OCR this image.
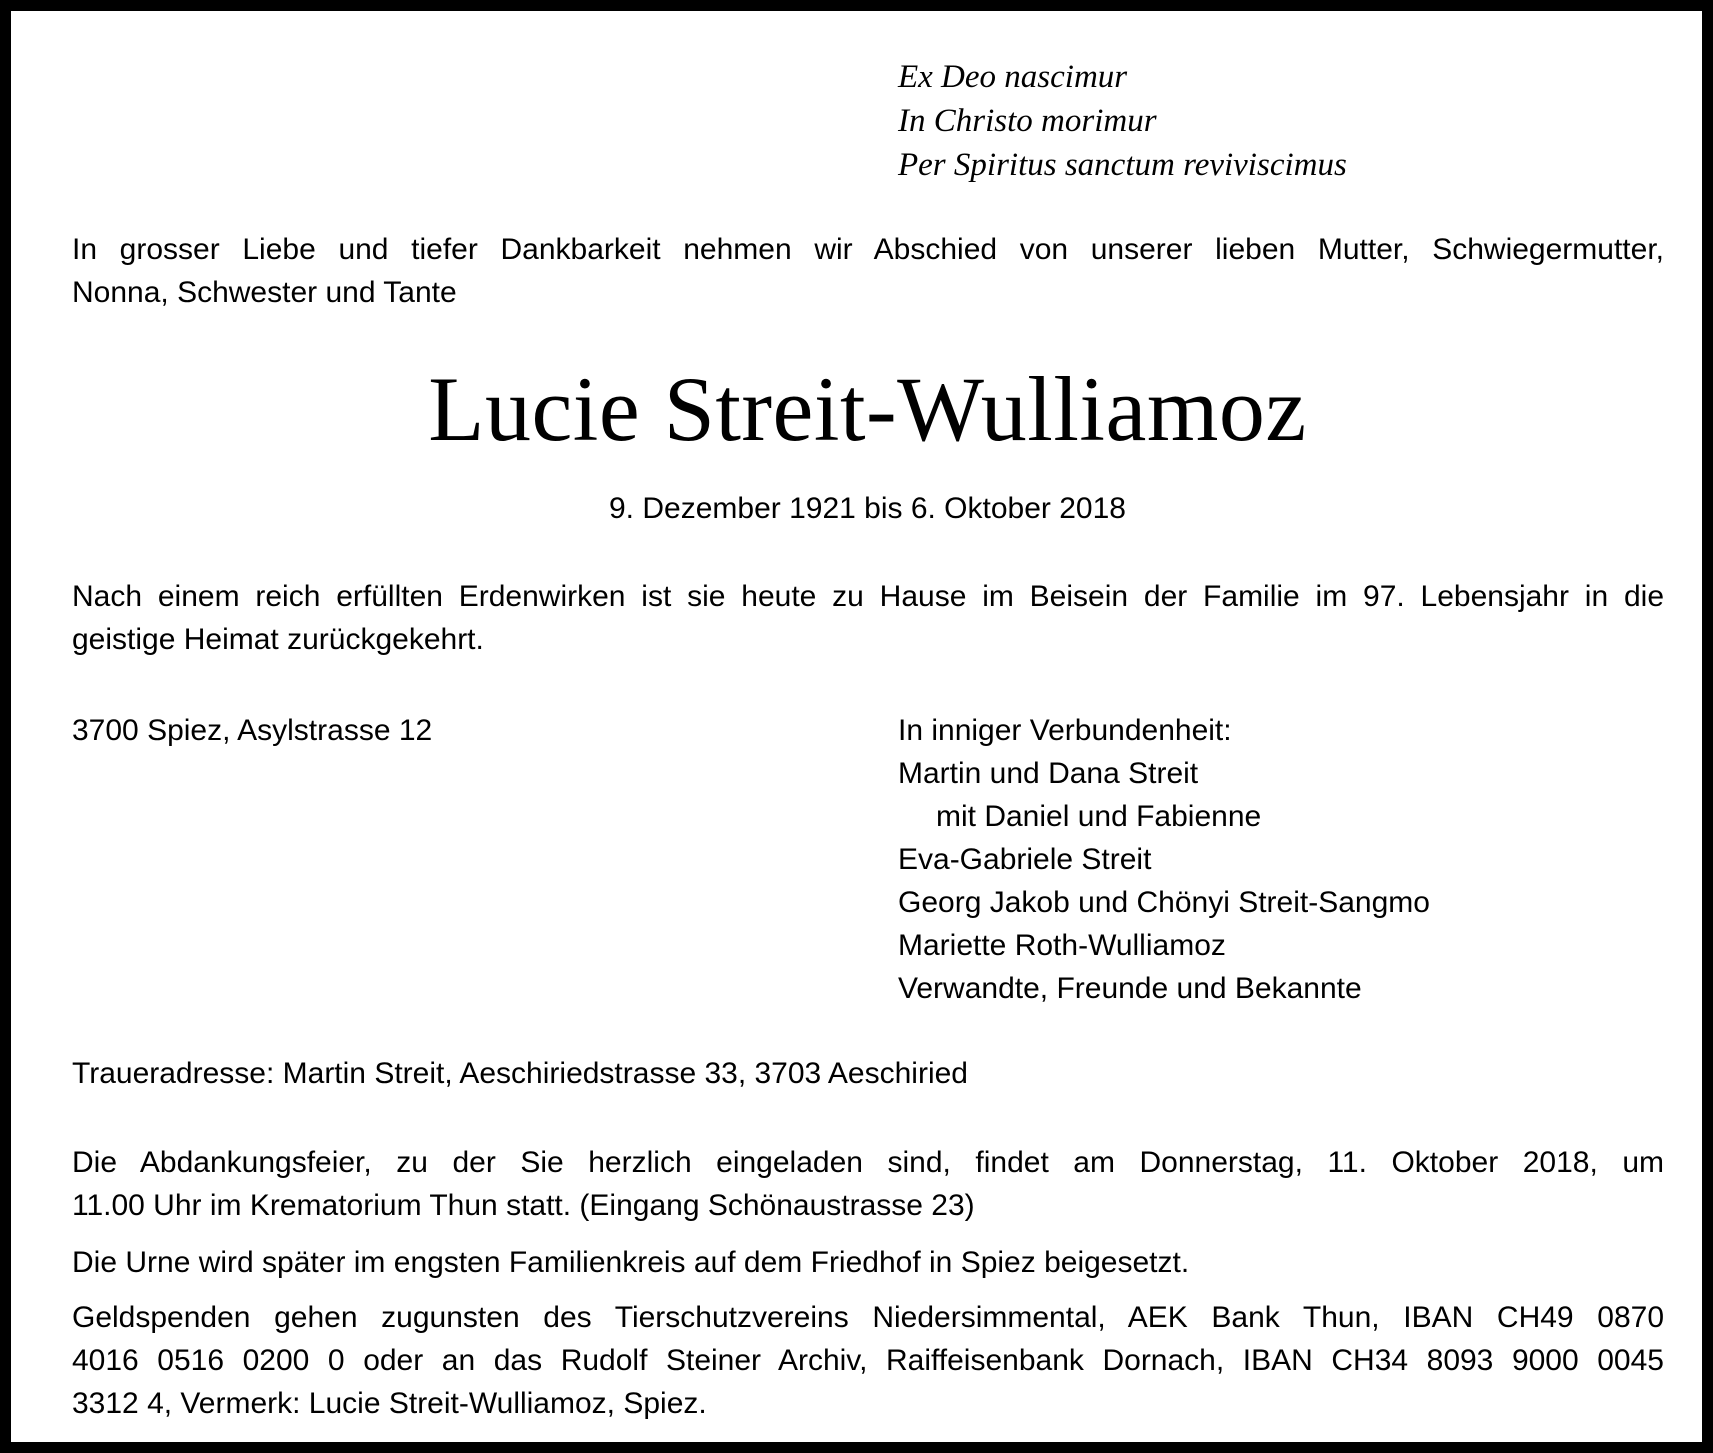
Ex Deo nascimur
In Christo morimur
Per Spiritus sanctum reviviscimus
In grosser Liebe und tiefer Dankbarkeit nehmen wir Abschied von unserer lieben Mutter, Schwiegermutter,
Nonna, Schwester und Tante
Lucie Streit-Wulliamoz
9. Dezember 1921 bis 6. Oktober 2018
Nach einem reich erfüllten Erdenwirken ist sie heute zu Hause im Beisein der Familie im 97. Lebensjahr in die
geistige Heimat zurückgekehrt.
3700 Spiez, Asylstrasse 12	In inniger Verbundenheit:
Martin und Dana Streit
mit Daniel und Fabienne
Eva-Gabriele Streit
Georg Jakob und Chönyi Streit-Sangmo
Mariette Roth-Wulliamoz
Verwandte, Freunde und Bekannte
Traueradresse: Martin Streit, Aeschiriedstrasse 33, 3703 Aeschiried
Die Abdankungsfeier, zu der Sie herzlich eingeladen sind, findet am Donnerstag, 11. Oktober 2018, um
11.00 Uhr im Krematorium Thun statt. (Eingang Schönaustrasse 23)
Die Urne wird später im engsten Familienkreis auf dem Friedhof in Spiez beigesetzt.
Geldspenden gehen zugunsten des Tierschutzvereins Niedersimmental, AEK Bank Thun, IBAN CH49 0870
4016 0516 0200 0 oder an das Rudolf Steiner Archiv, Raiffeisenbank Dornach, IBAN CH34 8093 9000 0045
3312 4, Vermerk: Lucie Streit-Wulliamoz, Spiez.
